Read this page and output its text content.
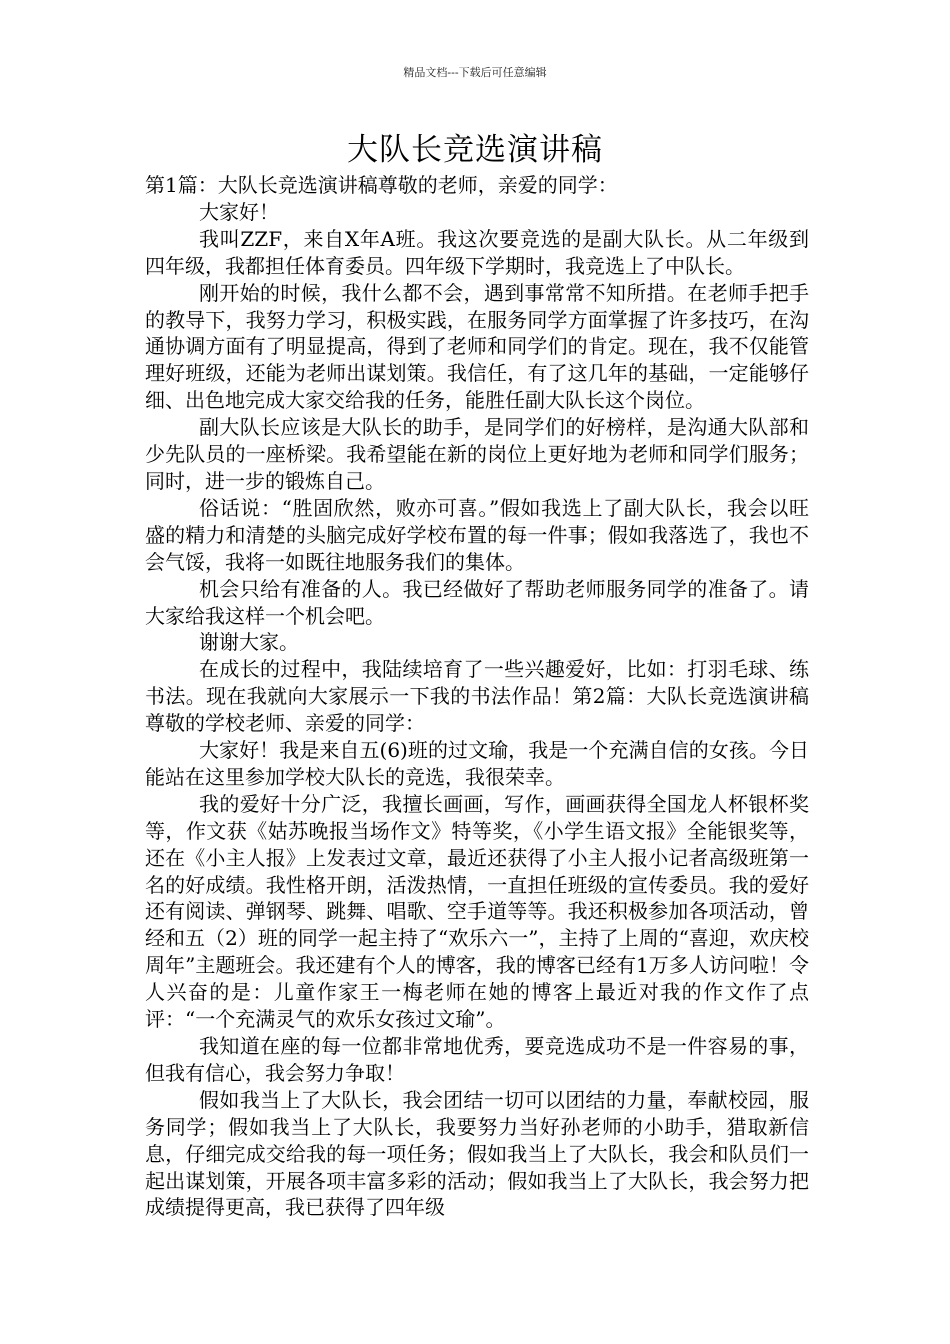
精品文档---下载后可任意编辑
大队长竞选演讲稿

第1篇：大队长竞选演讲稿尊敬的老师，亲爱的同学：

大家好！

我叫ZZF，来自X年A班。我这次要竞选的是副大队长。从二年级到四年级，我都担任体育委员。四年级下学期时，我竞选上了中队长。

刚开始的时候，我什么都不会，遇到事常常不知所措。在老师手把手的教导下，我努力学习，积极实践，在服务同学方面掌握了许多技巧，在沟通协调方面有了明显提高，得到了老师和同学们的肯定。现在，我不仅能管理好班级，还能为老师出谋划策。我信任，有了这几年的基础，一定能够仔细、出色地完成大家交给我的任务，能胜任副大队长这个岗位。

副大队长应该是大队长的助手，是同学们的好榜样，是沟通大队部和少先队员的一座桥梁。我希望能在新的岗位上更好地为老师和同学们服务；同时，进一步的锻炼自己。

俗话说：“胜固欣然，败亦可喜。”假如我选上了副大队长，我会以旺盛的精力和清楚的头脑完成好学校布置的每一件事；假如我落选了，我也不会气馁，我将一如既往地服务我们的集体。

机会只给有准备的人。我已经做好了帮助老师服务同学的准备了。请大家给我这样一个机会吧。

谢谢大家。

在成长的过程中，我陆续培育了一些兴趣爱好，比如：打羽毛球、练书法。现在我就向大家展示一下我的书法作品！第2篇：大队长竞选演讲稿尊敬的学校老师、亲爱的同学：

大家好！我是来自五(6)班的过文瑜，我是一个充满自信的女孩。今日能站在这里参加学校大队长的竞选，我很荣幸。

我的爱好十分广泛，我擅长画画，写作，画画获得全国龙人杯银杯奖等，作文获《姑苏晚报当场作文》特等奖，《小学生语文报》全能银奖等，还在《小主人报》上发表过文章，最近还获得了小主人报小记者高级班第一名的好成绩。我性格开朗，活泼热情，一直担任班级的宣传委员。我的爱好还有阅读、弹钢琴、跳舞、唱歌、空手道等等。我还积极参加各项活动，曾经和五（2）班的同学一起主持了“欢乐六一”，主持了上周的“喜迎，欢庆校周年”主题班会。我还建有个人的博客，我的博客已经有1万多人访问啦！令人兴奋的是：儿童作家王一梅老师在她的博客上最近对我的作文作了点评：“一个充满灵气的欢乐女孩过文瑜”。

我知道在座的每一位都非常地优秀，要竞选成功不是一件容易的事，但我有信心，我会努力争取！

假如我当上了大队长，我会团结一切可以团结的力量，奉献校园，服务同学；假如我当上了大队长，我要努力当好孙老师的小助手，猎取新信息，仔细完成交给我的每一项任务；假如我当上了大队长，我会和队员们一起出谋划策，开展各项丰富多彩的活动；假如我当上了大队长，我会努力把成绩提得更高，我已获得了四年级
